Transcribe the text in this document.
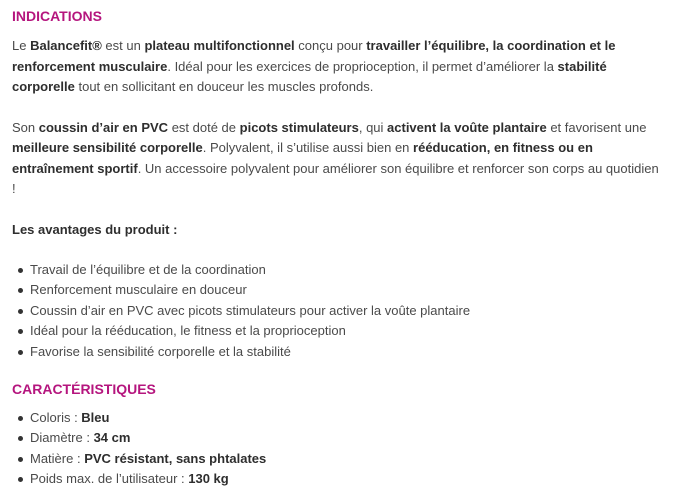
INDICATIONS

Le Balancefit® est un plateau multifonctionnel conçu pour travailler l’équilibre, la coordination et le renforcement musculaire. Idéal pour les exercices de proprioception, il permet d’améliorer la stabilité corporelle tout en sollicitant en douceur les muscles profonds.

Son coussin d’air en PVC est doté de picots stimulateurs, qui activent la voûte plantaire et favorisent une meilleure sensibilité corporelle. Polyvalent, il s’utilise aussi bien en rééducation, en fitness ou en entraînement sportif. Un accessoire polyvalent pour améliorer son équilibre et renforcer son corps au quotidien !

Les avantages du produit :

Travail de l’équilibre et de la coordination
Renforcement musculaire en douceur
Coussin d’air en PVC avec picots stimulateurs pour activer la voûte plantaire
Idéal pour la rééducation, le fitness et la proprioception
Favorise la sensibilité corporelle et la stabilité
CARACTÉRISTIQUES
Coloris : Bleu
Diamètre : 34 cm
Matière : PVC résistant, sans phtalates
Poids max. de l’utilisateur : 130 kg
